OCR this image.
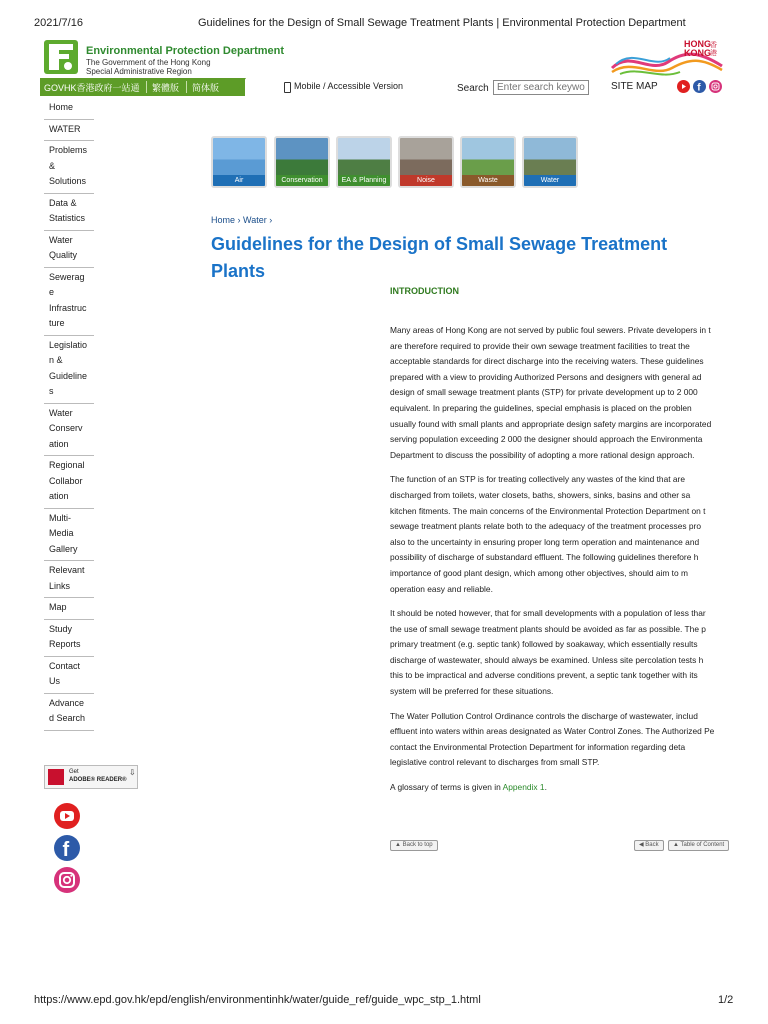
2021/7/16	Guidelines for the Design of Small Sewage Treatment Plants | Environmental Protection Department
https://www.epd.gov.hk/epd/english/environmentinhk/water/guide_ref/guide_wpc_stp_1.html	1/2
Environmental Protection Department
The Government of the Hong Kong
Special Administrative Region
HONG
KONG
香港
GOVHK香港政府一站通 繁體版 简体版	Mobile / Accessible Version	Search
Enter search keywor	SITE MAP	f
Home
WATER
Problems
&
Solutions
Data &
Statistics
Water
Quality
Sewerag
e
Infrastruc
ture
Legislatio
n &
Guideline
s
Water
Conserv
ation
Regional
Collabor
ation
Multi-
Media
Gallery
Relevant
Links
Map
Study
Reports
Contact
Us
Advance
d Search
Get
ADOBE® READER®
⇩
f
Air	Conservation	EA & Planning	Noise	Waste	Water
Home › Water ›
Guidelines for the Design of Small Sewage Treatment
Plants
INTRODUCTION

Many areas of Hong Kong are not served by public foul sewers. Private developers in t
are therefore required to provide their own sewage treatment facilities to treat the
acceptable standards for direct discharge into the receiving waters. These guidelines
prepared with a view to providing Authorized Persons and designers with general ad
design of small sewage treatment plants (STP) for private development up to 2 000
equivalent. In preparing the guidelines, special emphasis is placed on the problen
usually found with small plants and appropriate design safety margins are incorporated
serving population exceeding 2 000 the designer should approach the Environmenta
Department to discuss the possibility of adopting a more rational design approach.

The function of an STP is for treating collectively any wastes of the kind that are
discharged from toilets, water closets, baths, showers, sinks, basins and other sa
kitchen fitments. The main concerns of the Environmental Protection Department on t
sewage treatment plants relate both to the adequacy of the treatment processes pro
also to the uncertainty in ensuring proper long term operation and maintenance and
possibility of discharge of substandard effluent. The following guidelines therefore h
importance of good plant design, which among other objectives, should aim to m
operation easy and reliable.

It should be noted however, that for small developments with a population of less thar
the use of small sewage treatment plants should be avoided as far as possible. The p
primary treatment (e.g. septic tank) followed by soakaway, which essentially results
discharge of wastewater, should always be examined. Unless site percolation tests h
this to be impractical and adverse conditions prevent, a septic tank together with its
system will be preferred for these situations.

The Water Pollution Control Ordinance controls the discharge of wastewater, includ
effluent into waters within areas designated as Water Control Zones. The Authorized Pe
contact the Environmental Protection Department for information regarding deta
legislative control relevant to discharges from small STP.

A glossary of terms is given in Appendix 1.

▲ Back to top	◀ Back	▲ Table of Content
